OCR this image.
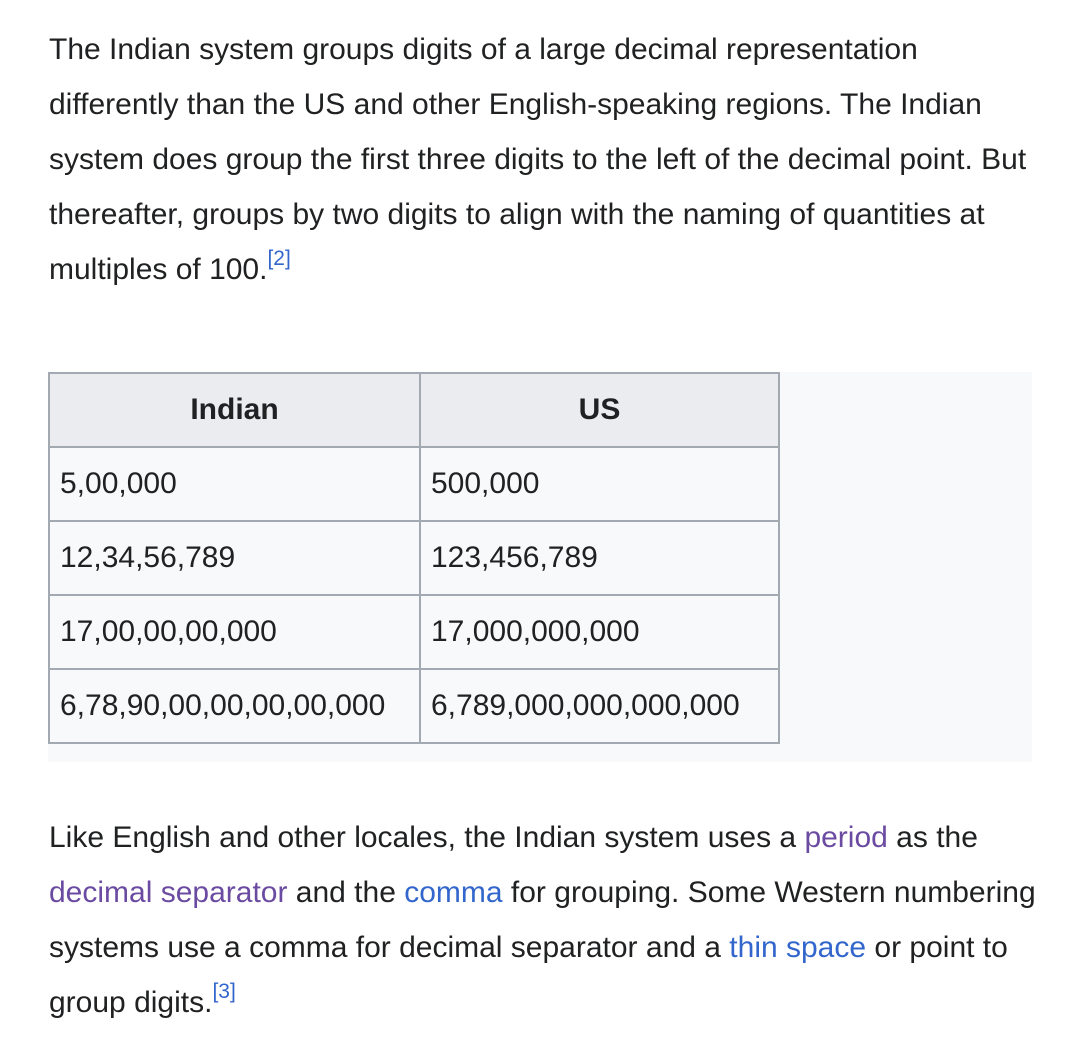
The Indian system groups digits of a large decimal representation differently than the US and other English-speaking regions. The Indian system does group the first three digits to the left of the decimal point. But thereafter, groups by two digits to align with the naming of quantities at multiples of 100.[2]

Indian	US
5,00,000	500,000
12,34,56,789	123,456,789
17,00,00,00,000	17,000,000,000
6,78,90,00,00,00,00,000	6,789,000,000,000,000

Like English and other locales, the Indian system uses a period as the decimal separator and the comma for grouping. Some Western numbering systems use a comma for decimal separator and a thin space or point to group digits.[3]
